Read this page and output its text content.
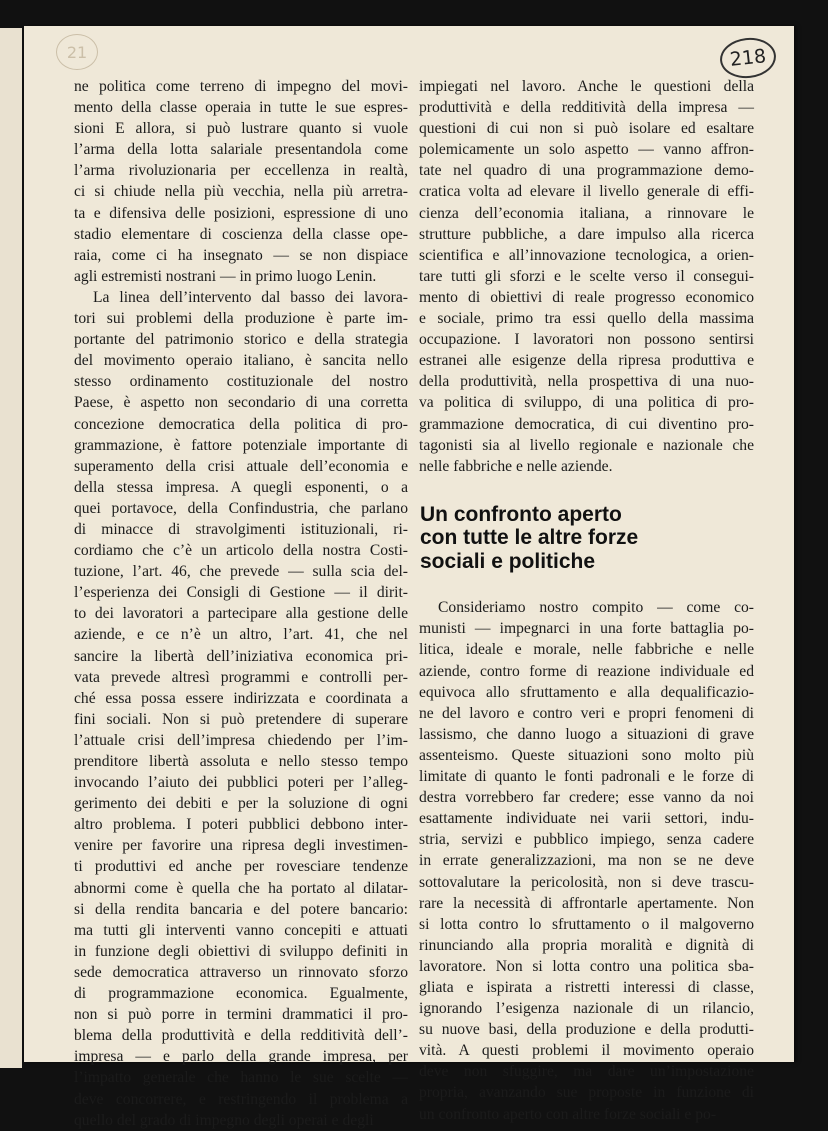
21	218
ne politica come terreno di impegno del movi-
mento della classe operaia in tutte le sue espres-
sioni E allora, si può lustrare quanto si vuole
l’arma della lotta salariale presentandola come
l’arma rivoluzionaria per eccellenza in realtà,
ci si chiude nella più vecchia, nella più arretra-
ta e difensiva delle posizioni, espressione di uno
stadio elementare di coscienza della classe ope-
raia, come ci ha insegnato — se non dispiace
agli estremisti nostrani — in primo luogo Lenin.
La linea dell’intervento dal basso dei lavora-
tori sui problemi della produzione è parte im-
portante del patrimonio storico e della strategia
del movimento operaio italiano, è sancita nello
stesso ordinamento costituzionale del nostro
Paese, è aspetto non secondario di una corretta
concezione democratica della politica di pro-
grammazione, è fattore potenziale importante di
superamento della crisi attuale dell’economia e
della stessa impresa. A quegli esponenti, o a
quei portavoce, della Confindustria, che parlano
di minacce di stravolgimenti istituzionali, ri-
cordiamo che c’è un articolo della nostra Costi-
tuzione, l’art. 46, che prevede — sulla scia del-
l’esperienza dei Consigli di Gestione — il dirit-
to dei lavoratori a partecipare alla gestione delle
aziende, e ce n’è un altro, l’art. 41, che nel
sancire la libertà dell’iniziativa economica pri-
vata prevede altresì programmi e controlli per-
ché essa possa essere indirizzata e coordinata a
fini sociali. Non si può pretendere di superare
l’attuale crisi dell’impresa chiedendo per l’im-
prenditore libertà assoluta e nello stesso tempo
invocando l’aiuto dei pubblici poteri per l’alleg-
gerimento dei debiti e per la soluzione di ogni
altro problema. I poteri pubblici debbono inter-
venire per favorire una ripresa degli investimen-
ti produttivi ed anche per rovesciare tendenze
abnormi come è quella che ha portato al dilatar-
si della rendita bancaria e del potere bancario:
ma tutti gli interventi vanno concepiti e attuati
in funzione degli obiettivi di sviluppo definiti in
sede democratica attraverso un rinnovato sforzo
di programmazione economica. Egualmente,
non si può porre in termini drammatici il pro-
blema della produttività e della redditività dell’-
impresa — e parlo della grande impresa, per
l’impatto generale che hanno le sue scelte —
deve concorrere, e restringendo il problema a
quello del grado di impegno degli operai e degli
impiegati nel lavoro. Anche le questioni della
produttività e della redditività della impresa —
questioni di cui non si può isolare ed esaltare
polemicamente un solo aspetto — vanno affron-
tate nel quadro di una programmazione demo-
cratica volta ad elevare il livello generale di effi-
cienza dell’economia italiana, a rinnovare le
strutture pubbliche, a dare impulso alla ricerca
scientifica e all’innovazione tecnologica, a orien-
tare tutti gli sforzi e le scelte verso il consegui-
mento di obiettivi di reale progresso economico
e sociale, primo tra essi quello della massima
occupazione. I lavoratori non possono sentirsi
estranei alle esigenze della ripresa produttiva e
della produttività, nella prospettiva di una nuo-
va politica di sviluppo, di una politica di pro-
grammazione democratica, di cui diventino pro-
tagonisti sia al livello regionale e nazionale che
nelle fabbriche e nelle aziende.
Un confronto aperto
con tutte le altre forze
sociali e politiche
Consideriamo nostro compito — come co-
munisti — impegnarci in una forte battaglia po-
litica, ideale e morale, nelle fabbriche e nelle
aziende, contro forme di reazione individuale ed
equivoca allo sfruttamento e alla dequalificazio-
ne del lavoro e contro veri e propri fenomeni di
lassismo, che danno luogo a situazioni di grave
assenteismo. Queste situazioni sono molto più
limitate di quanto le fonti padronali e le forze di
destra vorrebbero far credere; esse vanno da noi
esattamente individuate nei varii settori, indu-
stria, servizi e pubblico impiego, senza cadere
in errate generalizzazioni, ma non se ne deve
sottovalutare la pericolosità, non si deve trascu-
rare la necessità di affrontarle apertamente. Non
si lotta contro lo sfruttamento o il malgoverno
rinunciando alla propria moralità e dignità di
lavoratore. Non si lotta contro una politica sba-
gliata e ispirata a ristretti interessi di classe,
ignorando l’esigenza nazionale di un rilancio,
su nuove basi, della produzione e della produtti-
vità. A questi problemi il movimento operaio
deve non sfuggire, ma dare un’impostazione
propria, avanzando sue proposte in funzione di
un confronto aperto con altre forze sociali e po-
